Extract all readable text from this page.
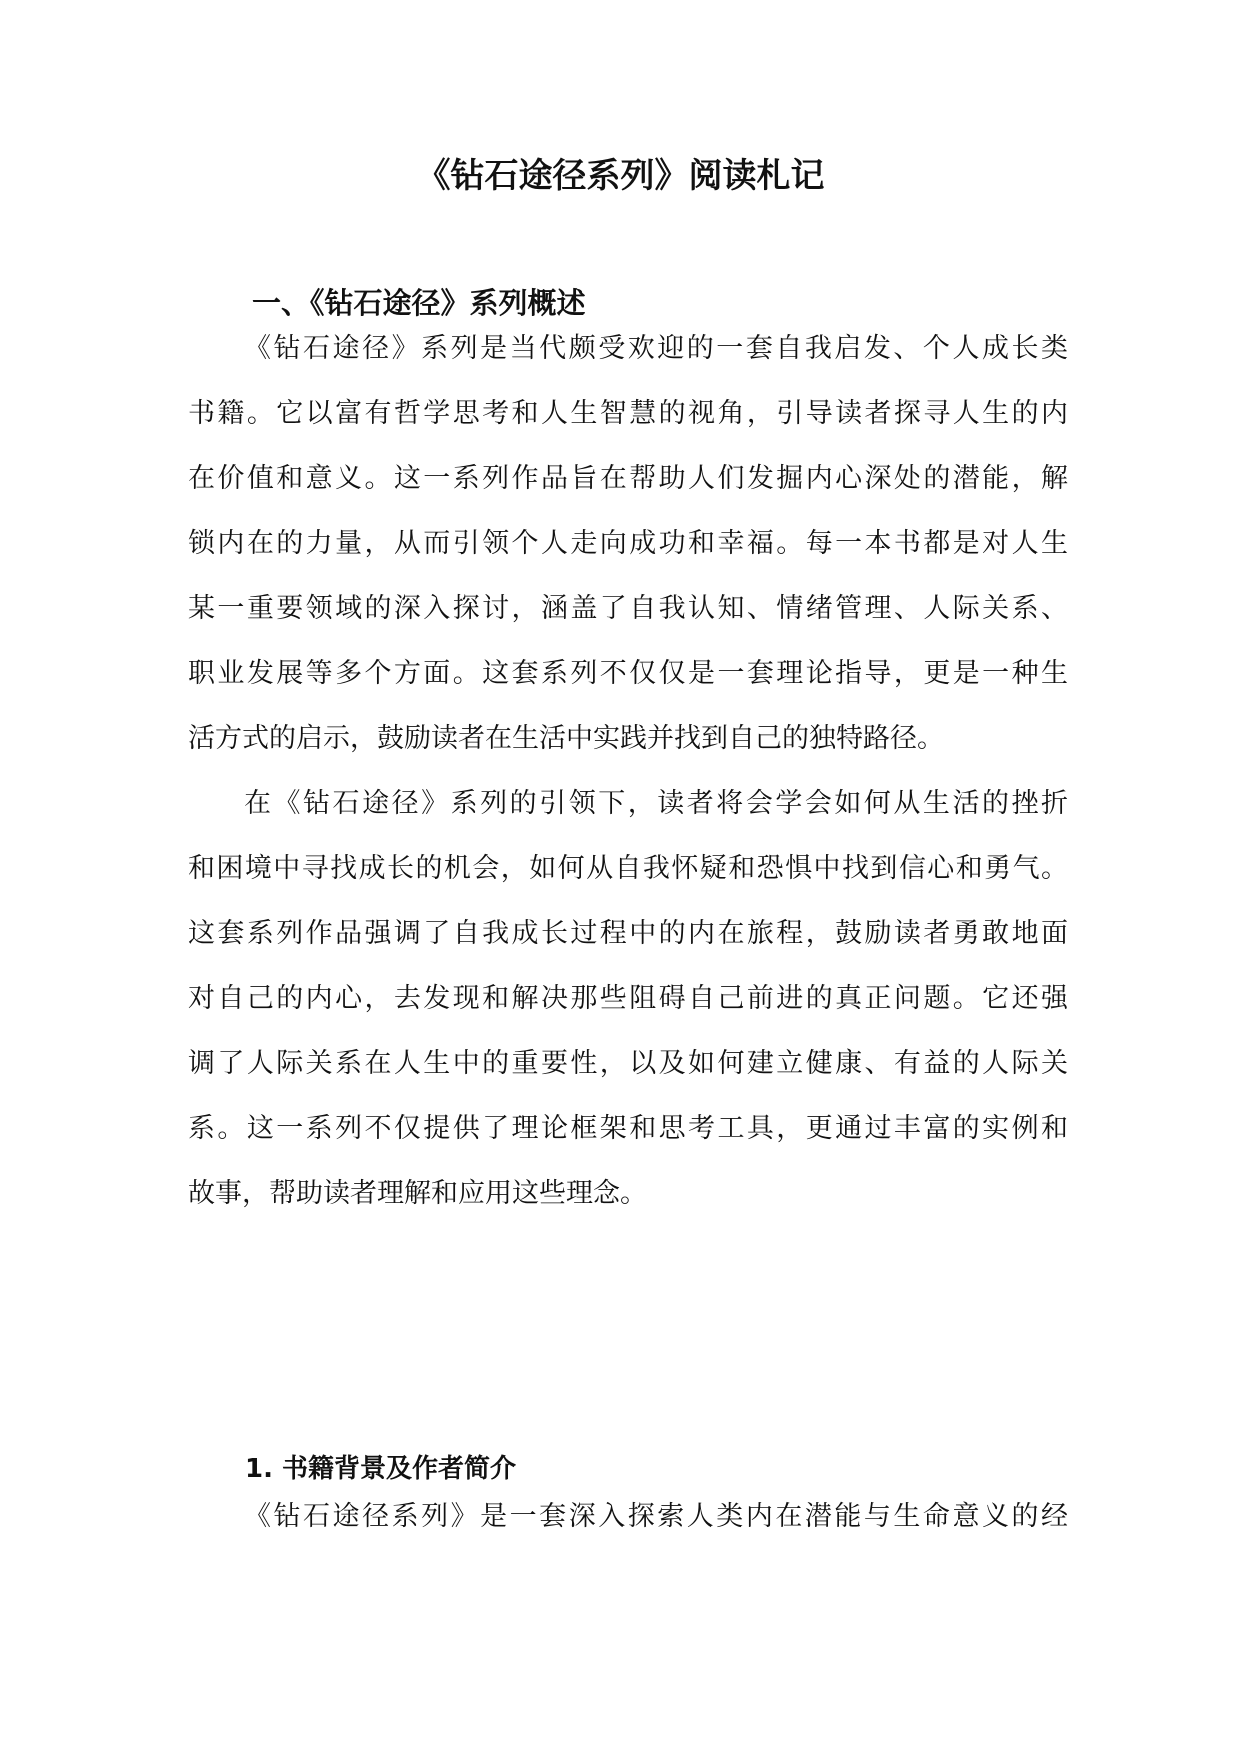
《钻石途径系列》阅读札记
一、《钻石途径》系列概述
《钻石途径》系列是当代颇受欢迎的一套自我启发、个人成长类
书籍。它以富有哲学思考和人生智慧的视角，引导读者探寻人生的内
在价值和意义。这一系列作品旨在帮助人们发掘内心深处的潜能，解
锁内在的力量，从而引领个人走向成功和幸福。每一本书都是对人生
某一重要领域的深入探讨，涵盖了自我认知、情绪管理、人际关系、
职业发展等多个方面。这套系列不仅仅是一套理论指导，更是一种生
活方式的启示，鼓励读者在生活中实践并找到自己的独特路径。
在《钻石途径》系列的引领下，读者将会学会如何从生活的挫折
和困境中寻找成长的机会，如何从自我怀疑和恐惧中找到信心和勇气。
这套系列作品强调了自我成长过程中的内在旅程，鼓励读者勇敢地面
对自己的内心，去发现和解决那些阻碍自己前进的真正问题。它还强
调了人际关系在人生中的重要性，以及如何建立健康、有益的人际关
系。这一系列不仅提供了理论框架和思考工具，更通过丰富的实例和
故事，帮助读者理解和应用这些理念。
1. 书籍背景及作者简介
《钻石途径系列》是一套深入探索人类内在潜能与生命意义的经
